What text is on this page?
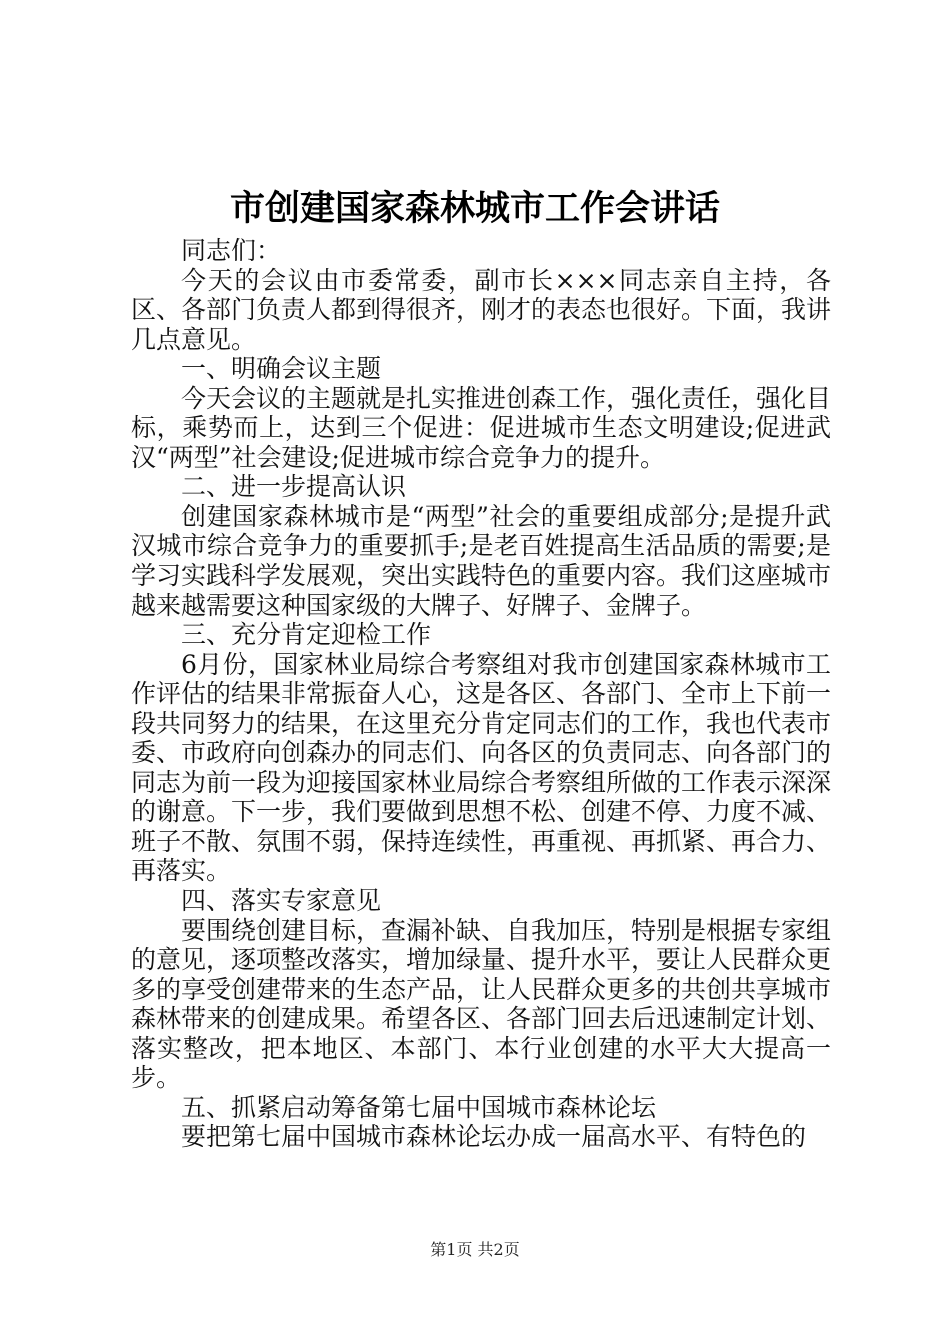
市创建国家森林城市工作会讲话

同志们：

今天的会议由市委常委，副市长×××同志亲自主持，各区、各部门负责人都到得很齐，刚才的表态也很好。下面，我讲几点意见。

一、明确会议主题

今天会议的主题就是扎实推进创森工作，强化责任，强化目标，乘势而上，达到三个促进：促进城市生态文明建设;促进武汉“两型”社会建设;促进城市综合竞争力的提升。

二、进一步提高认识

创建国家森林城市是“两型”社会的重要组成部分;是提升武汉城市综合竞争力的重要抓手;是老百姓提高生活品质的需要;是学习实践科学发展观，突出实践特色的重要内容。我们这座城市越来越需要这种国家级的大牌子、好牌子、金牌子。

三、充分肯定迎检工作

6月份，国家林业局综合考察组对我市创建国家森林城市工作评估的结果非常振奋人心，这是各区、各部门、全市上下前一段共同努力的结果，在这里充分肯定同志们的工作，我也代表市委、市政府向创森办的同志们、向各区的负责同志、向各部门的同志为前一段为迎接国家林业局综合考察组所做的工作表示深深的谢意。下一步，我们要做到思想不松、创建不停、力度不减、班子不散、氛围不弱，保持连续性，再重视、再抓紧、再合力、再落实。

四、落实专家意见

要围绕创建目标，查漏补缺、自我加压，特别是根据专家组的意见，逐项整改落实，增加绿量、提升水平，要让人民群众更多的享受创建带来的生态产品，让人民群众更多的共创共享城市森林带来的创建成果。希望各区、各部门回去后迅速制定计划、落实整改，把本地区、本部门、本行业创建的水平大大提高一步。

五、抓紧启动筹备第七届中国城市森林论坛

要把第七届中国城市森林论坛办成一届高水平、有特色的

第1页 共2页
